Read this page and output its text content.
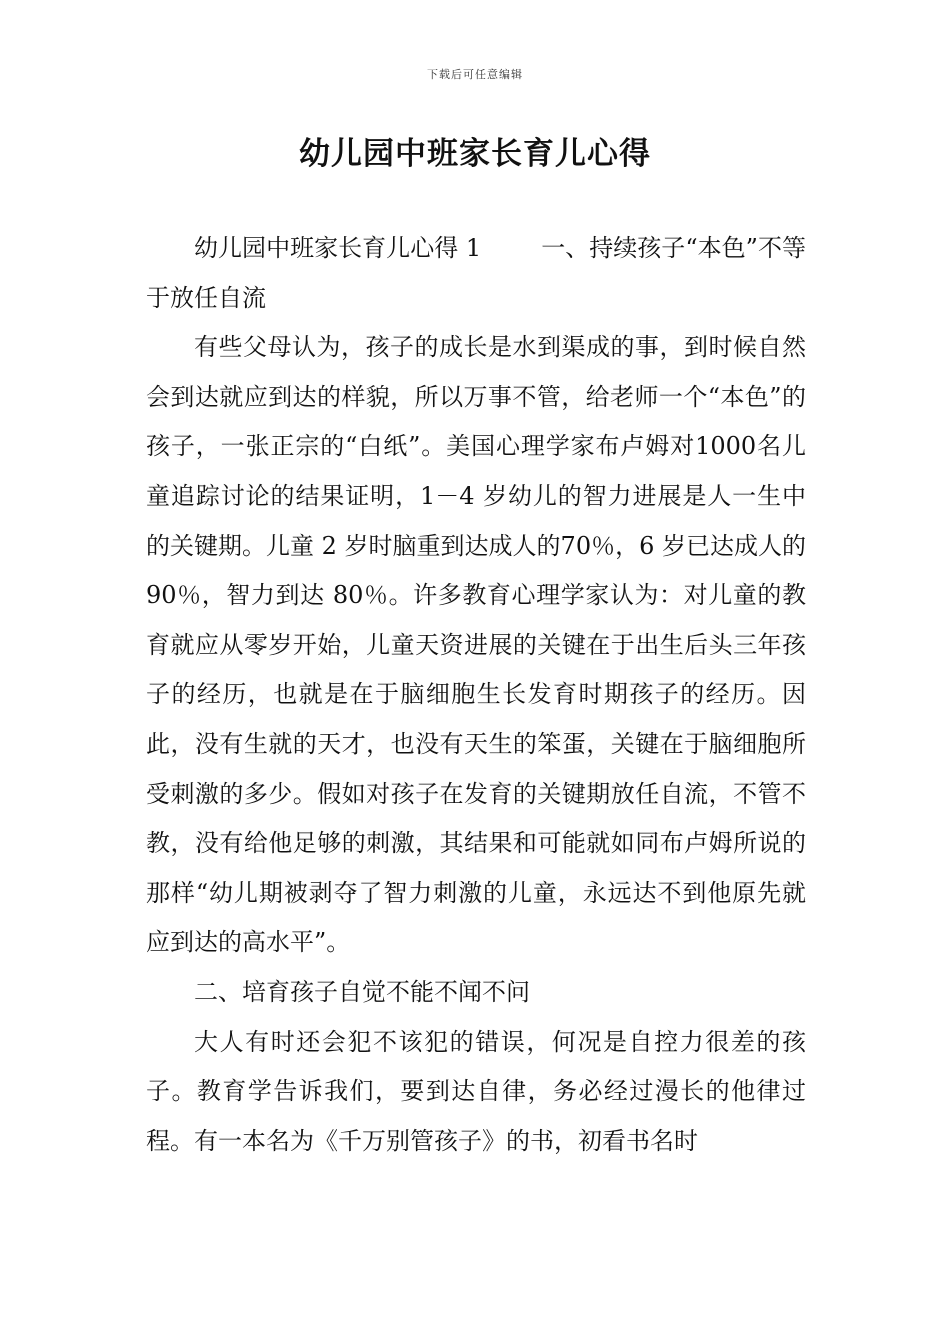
下载后可任意编辑
幼儿园中班家长育儿心得

幼儿园中班家长育儿心得 1	一、持续孩子“本色”不等于放任自流

有些父母认为，孩子的成长是水到渠成的事，到时候自然会到达就应到达的样貌，所以万事不管，给老师一个“本色”的孩子，一张正宗的“白纸”。美国心理学家布卢姆对1000名儿童追踪讨论的结果证明，1－4 岁幼儿的智力进展是人一生中的关键期。儿童 2 岁时脑重到达成人的70％，6 岁已达成人的 90％，智力到达 80％。许多教育心理学家认为：对儿童的教育就应从零岁开始，儿童天资进展的关键在于出生后头三年孩子的经历，也就是在于脑细胞生长发育时期孩子的经历。因此，没有生就的天才，也没有天生的笨蛋，关键在于脑细胞所受刺激的多少。假如对孩子在发育的关键期放任自流，不管不教，没有给他足够的刺激，其结果和可能就如同布卢姆所说的那样“幼儿期被剥夺了智力刺激的儿童，永远达不到他原先就应到达的高水平”。

二、培育孩子自觉不能不闻不问

大人有时还会犯不该犯的错误，何况是自控力很差的孩子。教育学告诉我们，要到达自律，务必经过漫长的他律过程。有一本名为《千万别管孩子》的书，初看书名时
